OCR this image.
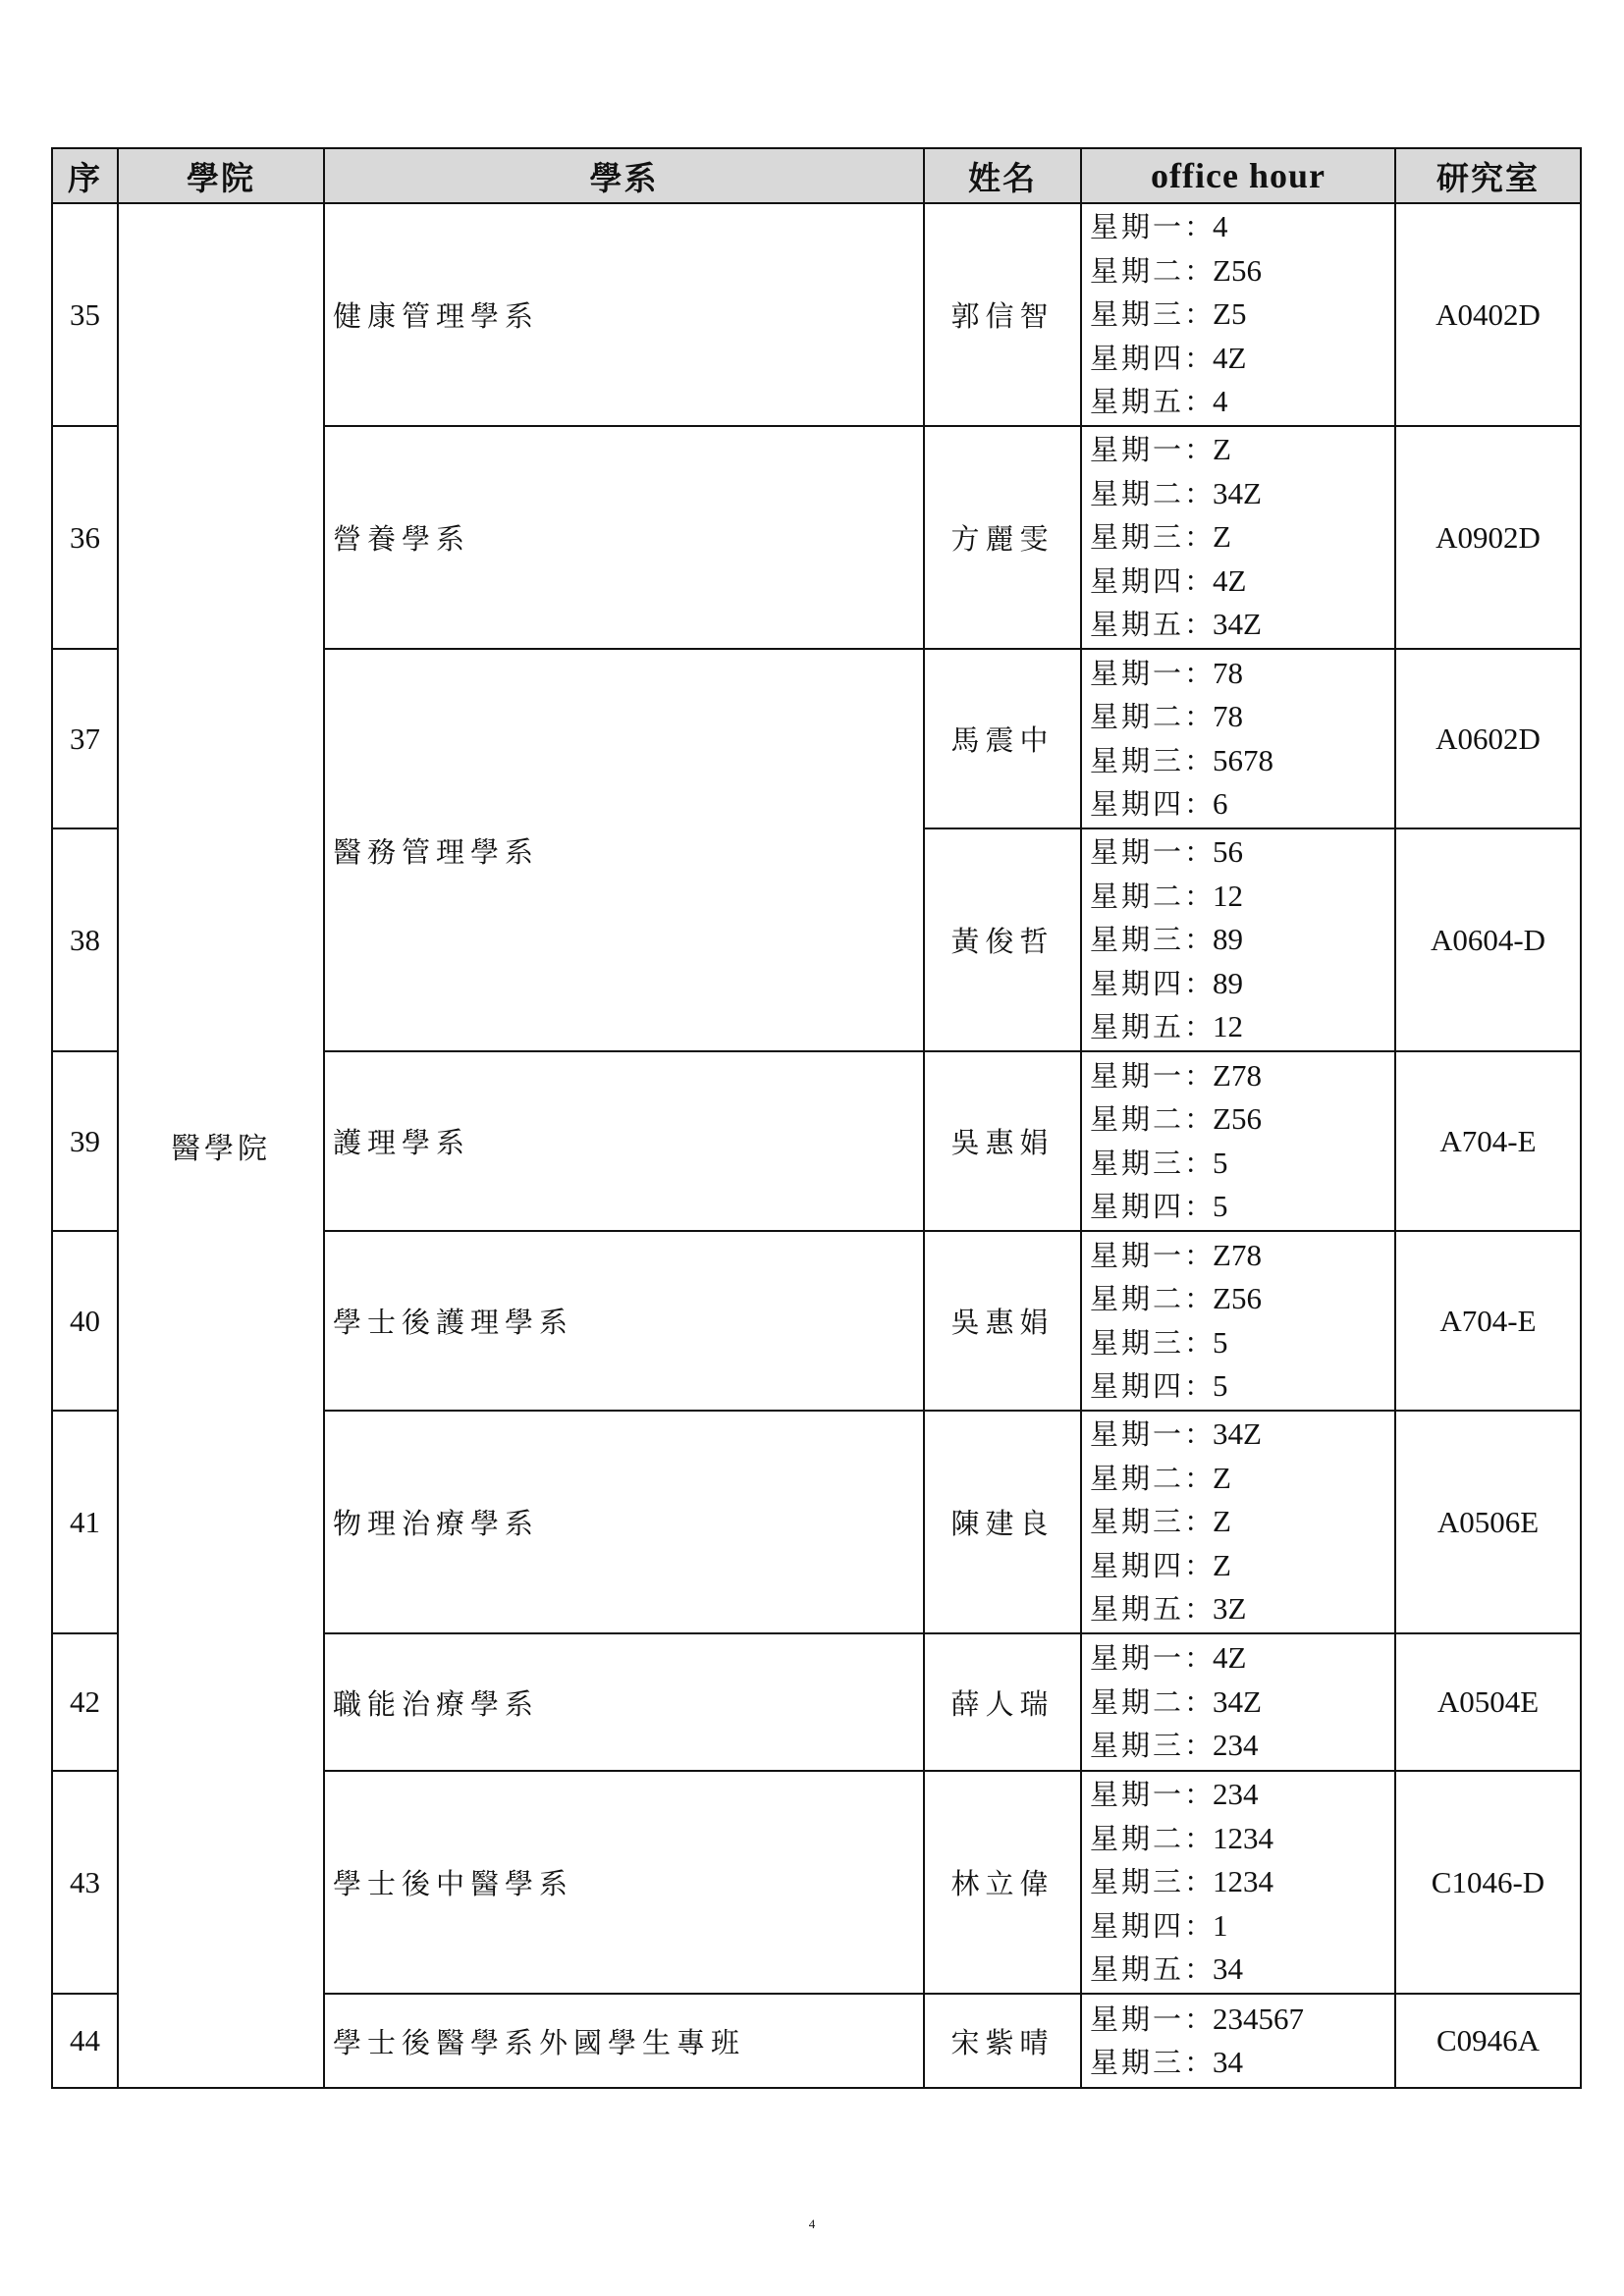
序	學院	學系	姓名	office hour	研究室
35	醫學院	健康管理學系	郭信智	星期一：4
星期二：Z56
星期三：Z5
星期四：4Z
星期五：4	A0402D
36		營養學系	方麗雯	星期一：Z
星期二：34Z
星期三：Z
星期四：4Z
星期五：34Z	A0902D
37		醫務管理學系	馬震中	星期一：78
星期二：78
星期三：5678
星期四：6	A0602D
38			黃俊哲	星期一：56
星期二：12
星期三：89
星期四：89
星期五：12	A0604-D
39		護理學系	吳惠娟	星期一：Z78
星期二：Z56
星期三：5
星期四：5	A704-E
40		學士後護理學系	吳惠娟	星期一：Z78
星期二：Z56
星期三：5
星期四：5	A704-E
41		物理治療學系	陳建良	星期一：34Z
星期二：Z
星期三：Z
星期四：Z
星期五：3Z	A0506E
42		職能治療學系	薛人瑞	星期一：4Z
星期二：34Z
星期三：234	A0504E
43		學士後中醫學系	林立偉	星期一：234
星期二：1234
星期三：1234
星期四：1
星期五：34	C1046-D
44		學士後醫學系外國學生專班	宋紫晴	星期一：234567
星期三：34	C0946A
4
